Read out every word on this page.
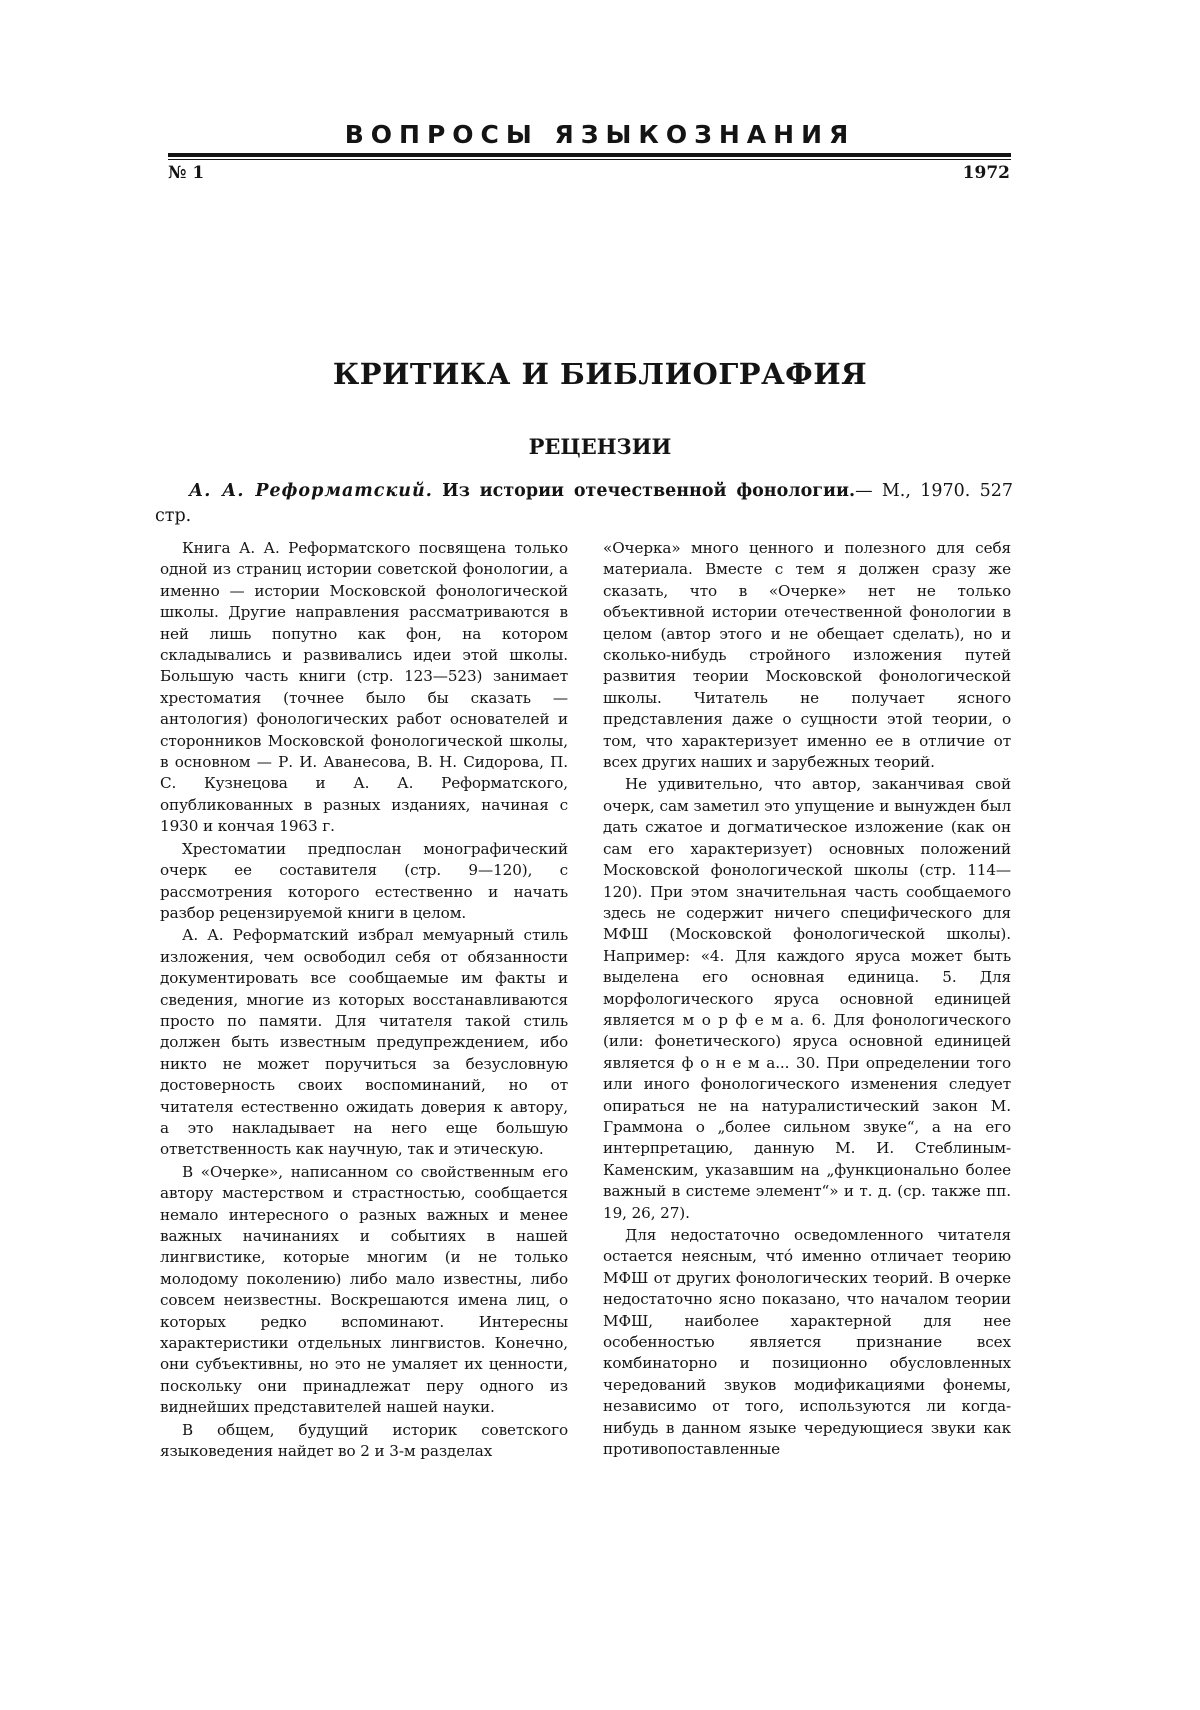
ВОПРОСЫ ЯЗЫКОЗНАНИЯ
№ 1	1972
КРИТИКА И БИБЛИОГРАФИЯ
РЕЦЕНЗИИ
А. А. Реформатский. Из истории отечественной фонологии.— М., 1970. 527 стр.

Книга А. А. Реформатского посвящена только одной из страниц истории советской фонологии, а именно — истории Московской фонологической школы. Другие направления рассматриваются в ней лишь попутно как фон, на котором складывались и развивались идеи этой школы. Большую часть книги (стр. 123—523) занимает хрестоматия (точнее было бы сказать — антология) фонологических работ основателей и сторонников Московской фонологической школы, в основном — Р. И. Аванесова, В. Н. Сидорова, П. С. Кузнецова и А. А. Реформатского, опубликованных в разных изданиях, начиная с 1930 и кончая 1963 г.

Хрестоматии предпослан монографический очерк ее составителя (стр. 9—120), с рассмотрения которого естественно и начать разбор рецензируемой книги в целом.

А. А. Реформатский избрал мемуарный стиль изложения, чем освободил себя от обязанности документировать все сообщаемые им факты и сведения, многие из которых восстанавливаются просто по памяти. Для читателя такой стиль должен быть известным предупреждением, ибо никто не может поручиться за безусловную достоверность своих воспоминаний, но от читателя естественно ожидать доверия к автору, а это накладывает на него еще большую ответственность как научную, так и этическую.

В «Очерке», написанном со свойственным его автору мастерством и страстностью, сообщается немало интересного о разных важных и менее важных начинаниях и событиях в нашей лингвистике, которые многим (и не только молодому поколению) либо мало известны, либо совсем неизвестны. Воскрешаются имена лиц, о которых редко вспоминают. Интересны характеристики отдельных лингвистов. Конечно, они субъективны, но это не умаляет их ценности, поскольку они принадлежат перу одного из виднейших представителей нашей науки.

В общем, будущий историк советского языковедения найдет во 2 и 3-м разделах

«Очерка» много ценного и полезного для себя материала. Вместе с тем я должен сразу же сказать, что в «Очерке» нет не только объективной истории отечественной фонологии в целом (автор этого и не обещает сделать), но и сколько-нибудь стройного изложения путей развития теории Московской фонологической школы. Читатель не получает ясного представления даже о сущности этой теории, о том, что характеризует именно ее в отличие от всех других наших и зарубежных теорий.

Не удивительно, что автор, заканчивая свой очерк, сам заметил это упущение и вынужден был дать сжатое и догматическое изложение (как он сам его характеризует) основных положений Московской фонологической школы (стр. 114—120). При этом значительная часть сообщаемого здесь не содержит ничего специфического для МФШ (Московской фонологической школы). Например: «4. Для каждого яруса может быть выделена его основная единица. 5. Для морфологического яруса основной единицей является м о р ф е м а. 6. Для фонологического (или: фонетического) яруса основной единицей является ф о н е м а... 30. При определении того или иного фонологического изменения следует опираться не на натуралистический закон М. Граммона о „более сильном звуке“, а на его интерпретацию, данную М. И. Стеблиным-Каменским, указавшим на „функционально более важный в системе элемент“» и т. д. (ср. также пп. 19, 26, 27).

Для недостаточно осведомленного читателя остается неясным, чтó именно отличает теорию МФШ от других фонологических теорий. В очерке недостаточно ясно показано, что началом теории МФШ, наиболее характерной для нее особенностью является признание всех комбинаторно и позиционно обусловленных чередований звуков модификациями фонемы, независимо от того, используются ли когда-нибудь в данном языке чередующиеся звуки как противопоставленные
